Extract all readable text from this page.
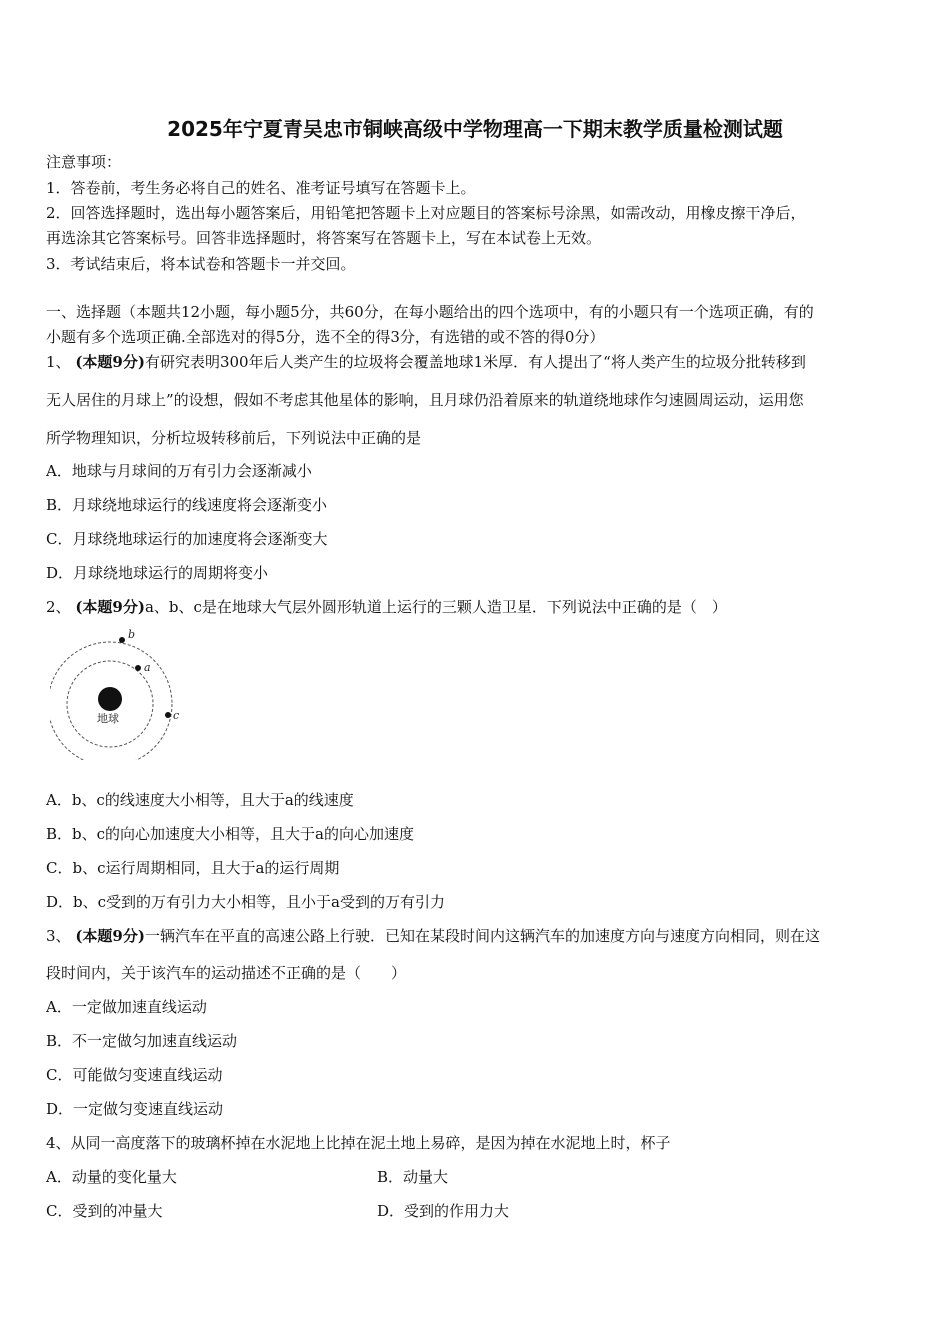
2025年宁夏青吴忠市铜峡高级中学物理高一下期末教学质量检测试题
注意事项：
1．答卷前，考生务必将自己的姓名、准考证号填写在答题卡上。
2．回答选择题时，选出每小题答案后，用铅笔把答题卡上对应题目的答案标号涂黑，如需改动，用橡皮擦干净后，
再选涂其它答案标号。回答非选择题时，将答案写在答题卡上，写在本试卷上无效。
3．考试结束后，将本试卷和答题卡一并交回。
一、选择题（本题共12小题，每小题5分，共60分，在每小题给出的四个选项中，有的小题只有一个选项正确，有的
小题有多个选项正确.全部选对的得5分，选不全的得3分，有选错的或不答的得0分）
1、 (本题9分)有研究表明300年后人类产生的垃圾将会覆盖地球1米厚．有人提出了“将人类产生的垃圾分批转移到
无人居住的月球上”的设想，假如不考虑其他星体的影响，且月球仍沿着原来的轨道绕地球作匀速圆周运动，运用您
所学物理知识，分析垃圾转移前后，下列说法中正确的是
A．地球与月球间的万有引力会逐渐减小
B．月球绕地球运行的线速度将会逐渐变小
C．月球绕地球运行的加速度将会逐渐变大
D．月球绕地球运行的周期将变小
2、 (本题9分)a、b、c是在地球大气层外圆形轨道上运行的三颗人造卫星．下列说法中正确的是（　）
地球
b
a
c
A．b、c的线速度大小相等，且大于a的线速度
B．b、c的向心加速度大小相等，且大于a的向心加速度
C．b、c运行周期相同，且大于a的运行周期
D．b、c受到的万有引力大小相等，且小于a受到的万有引力
3、 (本题9分)一辆汽车在平直的高速公路上行驶．已知在某段时间内这辆汽车的加速度方向与速度方向相同，则在这
段时间内，关于该汽车的运动描述不正确的是（　　）
A．一定做加速直线运动
B．不一定做匀加速直线运动
C．可能做匀变速直线运动
D．一定做匀变速直线运动
4、从同一高度落下的玻璃杯掉在水泥地上比掉在泥土地上易碎，是因为掉在水泥地上时，杯子
A．动量的变化量大	B．动量大
C．受到的冲量大	D．受到的作用力大
